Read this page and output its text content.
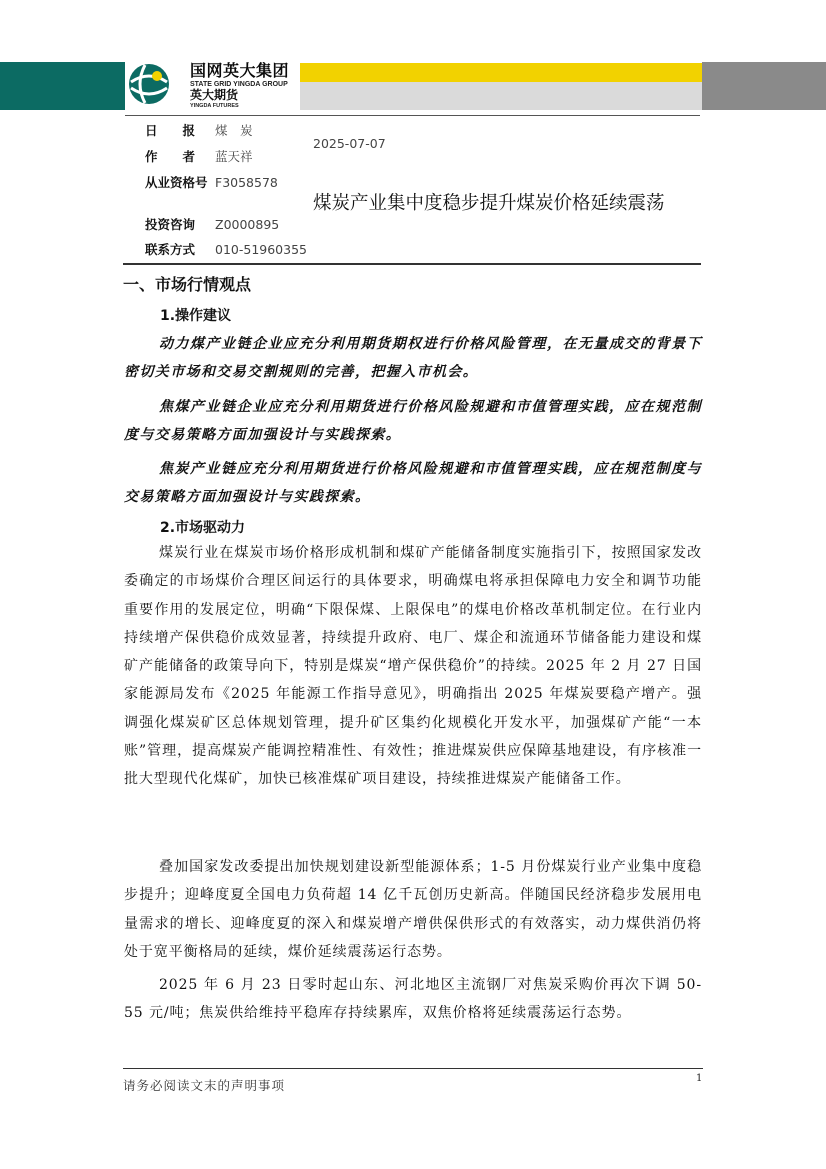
国网英大集团
STATE GRID YINGDA GROUP
英大期货
YINGDA FUTURES
日　　报 煤　炭
作　　者 蓝天祥
从业资格号 F3058578
投资咨询 Z0000895
联系方式 010-51960355
2025-07-07
煤炭产业集中度稳步提升煤炭价格延续震荡
一、市场行情观点
1.操作建议

动力煤产业链企业应充分利用期货期权进行价格风险管理，在无量成交的背景下密切关市场和交易交割规则的完善，把握入市机会。

焦煤产业链企业应充分利用期货进行价格风险规避和市值管理实践，应在规范制度与交易策略方面加强设计与实践探索。

焦炭产业链应充分利用期货进行价格风险规避和市值管理实践，应在规范制度与交易策略方面加强设计与实践探索。

2.市场驱动力

煤炭行业在煤炭市场价格形成机制和煤矿产能储备制度实施指引下，按照国家发改委确定的市场煤价合理区间运行的具体要求，明确煤电将承担保障电力安全和调节功能重要作用的发展定位，明确“下限保煤、上限保电”的煤电价格改革机制定位。在行业内持续增产保供稳价成效显著，持续提升政府、电厂、煤企和流通环节储备能力建设和煤矿产能储备的政策导向下，特别是煤炭“增产保供稳价”的持续。2025 年 2 月 27 日国家能源局发布《2025 年能源工作指导意见》，明确指出 2025 年煤炭要稳产增产。强调强化煤炭矿区总体规划管理，提升矿区集约化规模化开发水平，加强煤矿产能“一本账”管理，提高煤炭产能调控精准性、有效性；推进煤炭供应保障基地建设，有序核准一批大型现代化煤矿，加快已核准煤矿项目建设，持续推进煤炭产能储备工作。

叠加国家发改委提出加快规划建设新型能源体系；1-5 月份煤炭行业产业集中度稳步提升；迎峰度夏全国电力负荷超 14 亿千瓦创历史新高。伴随国民经济稳步发展用电量需求的增长、迎峰度夏的深入和煤炭增产增供保供形式的有效落实，动力煤供消仍将处于宽平衡格局的延续，煤价延续震荡运行态势。

2025 年 6 月 23 日零时起山东、河北地区主流钢厂对焦炭采购价再次下调 50-55 元/吨；焦炭供给维持平稳库存持续累库，双焦价格将延续震荡运行态势。

请务必阅读文末的声明事项	1
